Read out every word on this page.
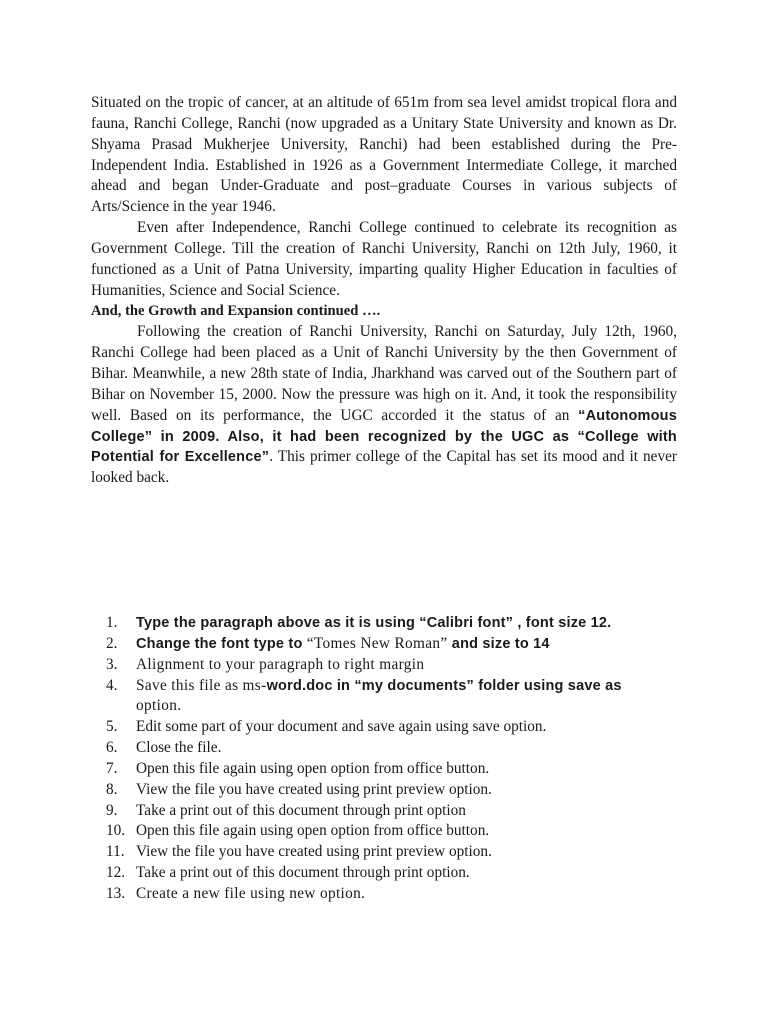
Situated on the tropic of cancer, at an altitude of 651m from sea level amidst tropical flora and fauna, Ranchi College, Ranchi (now upgraded as a Unitary State University and known as Dr. Shyama Prasad Mukherjee University, Ranchi) had been established during the Pre- Independent India. Established in 1926 as a Government Intermediate College, it marched ahead and began Under-Graduate and post–graduate Courses in various subjects of Arts/Science in the year 1946.

Even after Independence, Ranchi College continued to celebrate its recognition as Government College. Till the creation of Ranchi University, Ranchi on 12th July, 1960, it functioned as a Unit of Patna University, imparting quality Higher Education in faculties of Humanities, Science and Social Science.

And, the Growth and Expansion continued ….

Following the creation of Ranchi University, Ranchi on Saturday, July 12th, 1960, Ranchi College had been placed as a Unit of Ranchi University by the then Government of Bihar. Meanwhile, a new 28th state of India, Jharkhand was carved out of the Southern part of Bihar on November 15, 2000. Now the pressure was high on it. And, it took the responsibility well. Based on its performance, the UGC accorded it the status of an “Autonomous College” in 2009. Also, it had been recognized by the UGC as “College with Potential for Excellence”. This primer college of the Capital has set its mood and it never looked back.

1.	Type the paragraph above as it is using “Calibri font” , font size 12.
2.	Change the font type to “Tomes New Roman” and size to 14
3.	Alignment to your paragraph to right margin
4.	Save this file as ms-word.doc in “my documents” folder using save as
option.
5.	Edit some part of your document and save again using save option.
6.	Close the file.
7.	Open this file again using open option from office button.
8.	View the file you have created using print preview option.
9.	Take a print out of this document through print option
10. Open this file again using open option from office button.
11. View the file you have created using print preview option.
12. Take a print out of this document through print option.
13. Create a new file using new option.
